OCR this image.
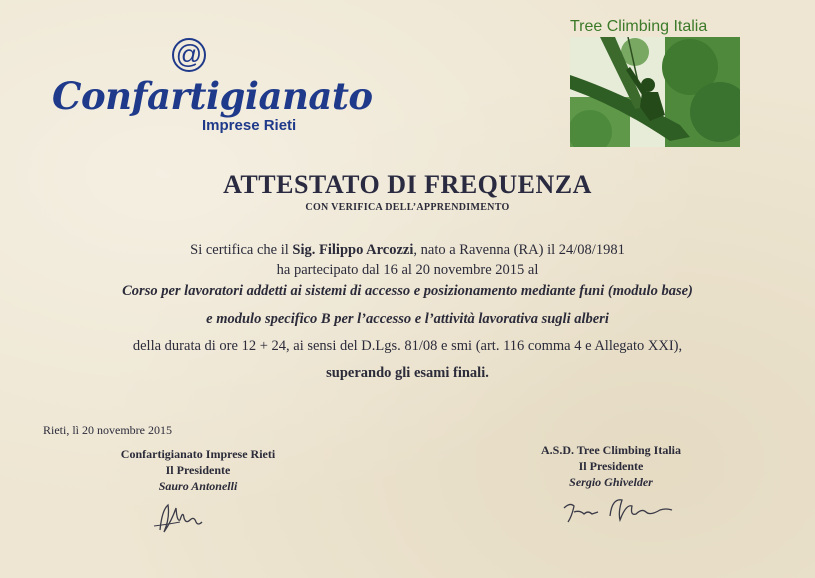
@
Confartigianato
Imprese Rieti
Tree Climbing Italia
ATTESTATO DI FREQUENZA
CON VERIFICA DELL’APPRENDIMENTO
Si certifica che il Sig. Filippo Arcozzi, nato a Ravenna (RA) il 24/08/1981
ha partecipato dal 16 al 20 novembre 2015 al
Corso per lavoratori addetti ai sistemi di accesso e posizionamento mediante funi (modulo base)
e modulo specifico B per l’accesso e l’attività lavorativa sugli alberi
della durata di ore 12 + 24, ai sensi del D.Lgs. 81/08 e smi (art. 116 comma 4 e Allegato XXI),
superando gli esami finali.
Rieti, lì 20 novembre 2015
Confartigianato Imprese Rieti
Il Presidente
Sauro Antonelli
A.S.D. Tree Climbing Italia
Il Presidente
Sergio Ghivelder
